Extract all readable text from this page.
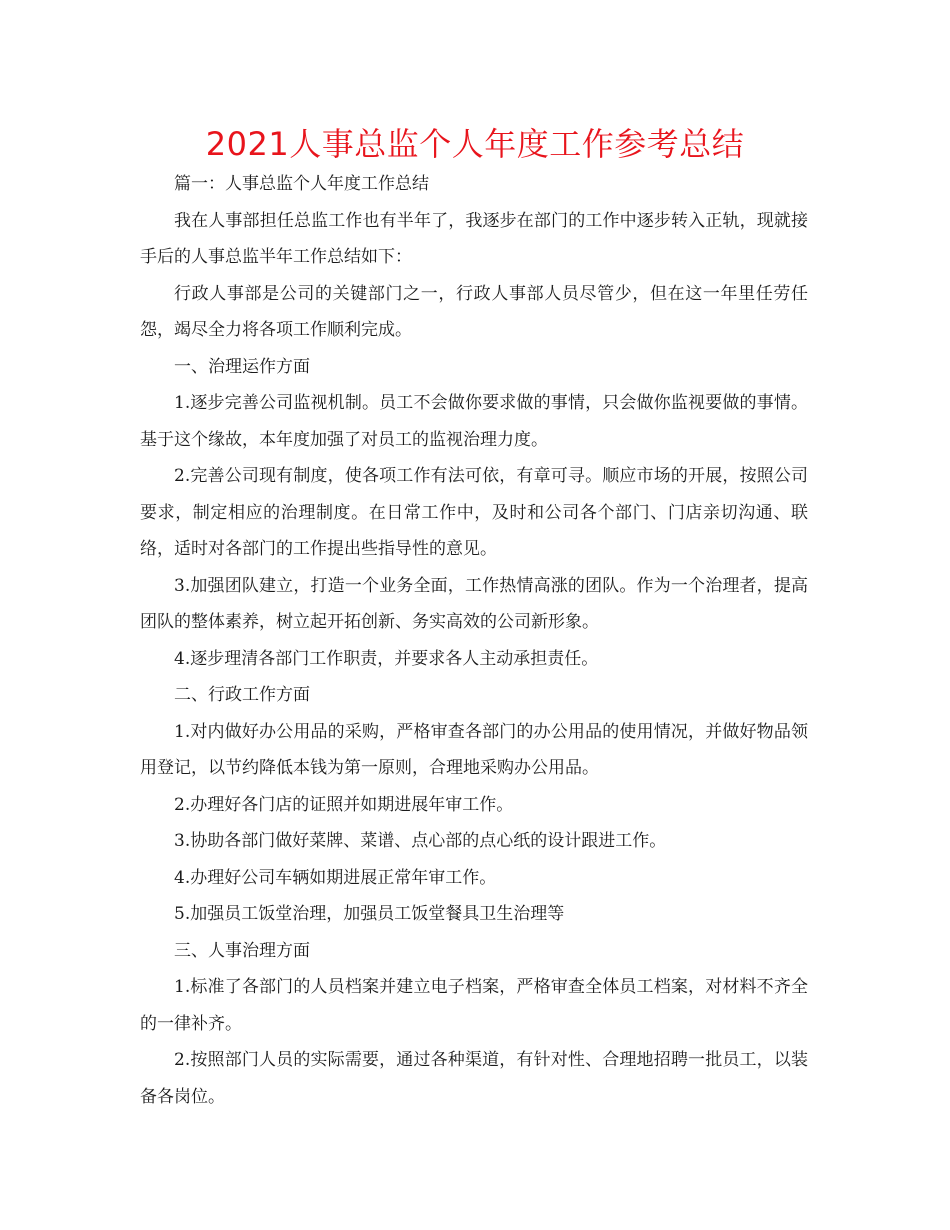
2021人事总监个人年度工作参考总结

篇一：人事总监个人年度工作总结

我在人事部担任总监工作也有半年了，我逐步在部门的工作中逐步转入正轨，现就接手后的人事总监半年工作总结如下：

行政人事部是公司的关键部门之一，行政人事部人员尽管少，但在这一年里任劳任怨，竭尽全力将各项工作顺利完成。

一、治理运作方面

1.逐步完善公司监视机制。员工不会做你要求做的事情，只会做你监视要做的事情。基于这个缘故，本年度加强了对员工的监视治理力度。

2.完善公司现有制度，使各项工作有法可依，有章可寻。顺应市场的开展，按照公司要求，制定相应的治理制度。在日常工作中，及时和公司各个部门、门店亲切沟通、联络，适时对各部门的工作提出些指导性的意见。

3.加强团队建立，打造一个业务全面，工作热情高涨的团队。作为一个治理者，提高团队的整体素养，树立起开拓创新、务实高效的公司新形象。

4.逐步理清各部门工作职责，并要求各人主动承担责任。

二、行政工作方面

1.对内做好办公用品的采购，严格审查各部门的办公用品的使用情况，并做好物品领用登记，以节约降低本钱为第一原则，合理地采购办公用品。

2.办理好各门店的证照并如期进展年审工作。

3.协助各部门做好菜牌、菜谱、点心部的点心纸的设计跟进工作。

4.办理好公司车辆如期进展正常年审工作。

5.加强员工饭堂治理，加强员工饭堂餐具卫生治理等

三、人事治理方面

1.标准了各部门的人员档案并建立电子档案，严格审查全体员工档案，对材料不齐全的一律补齐。

2.按照部门人员的实际需要，通过各种渠道，有针对性、合理地招聘一批员工，以装备各岗位。
